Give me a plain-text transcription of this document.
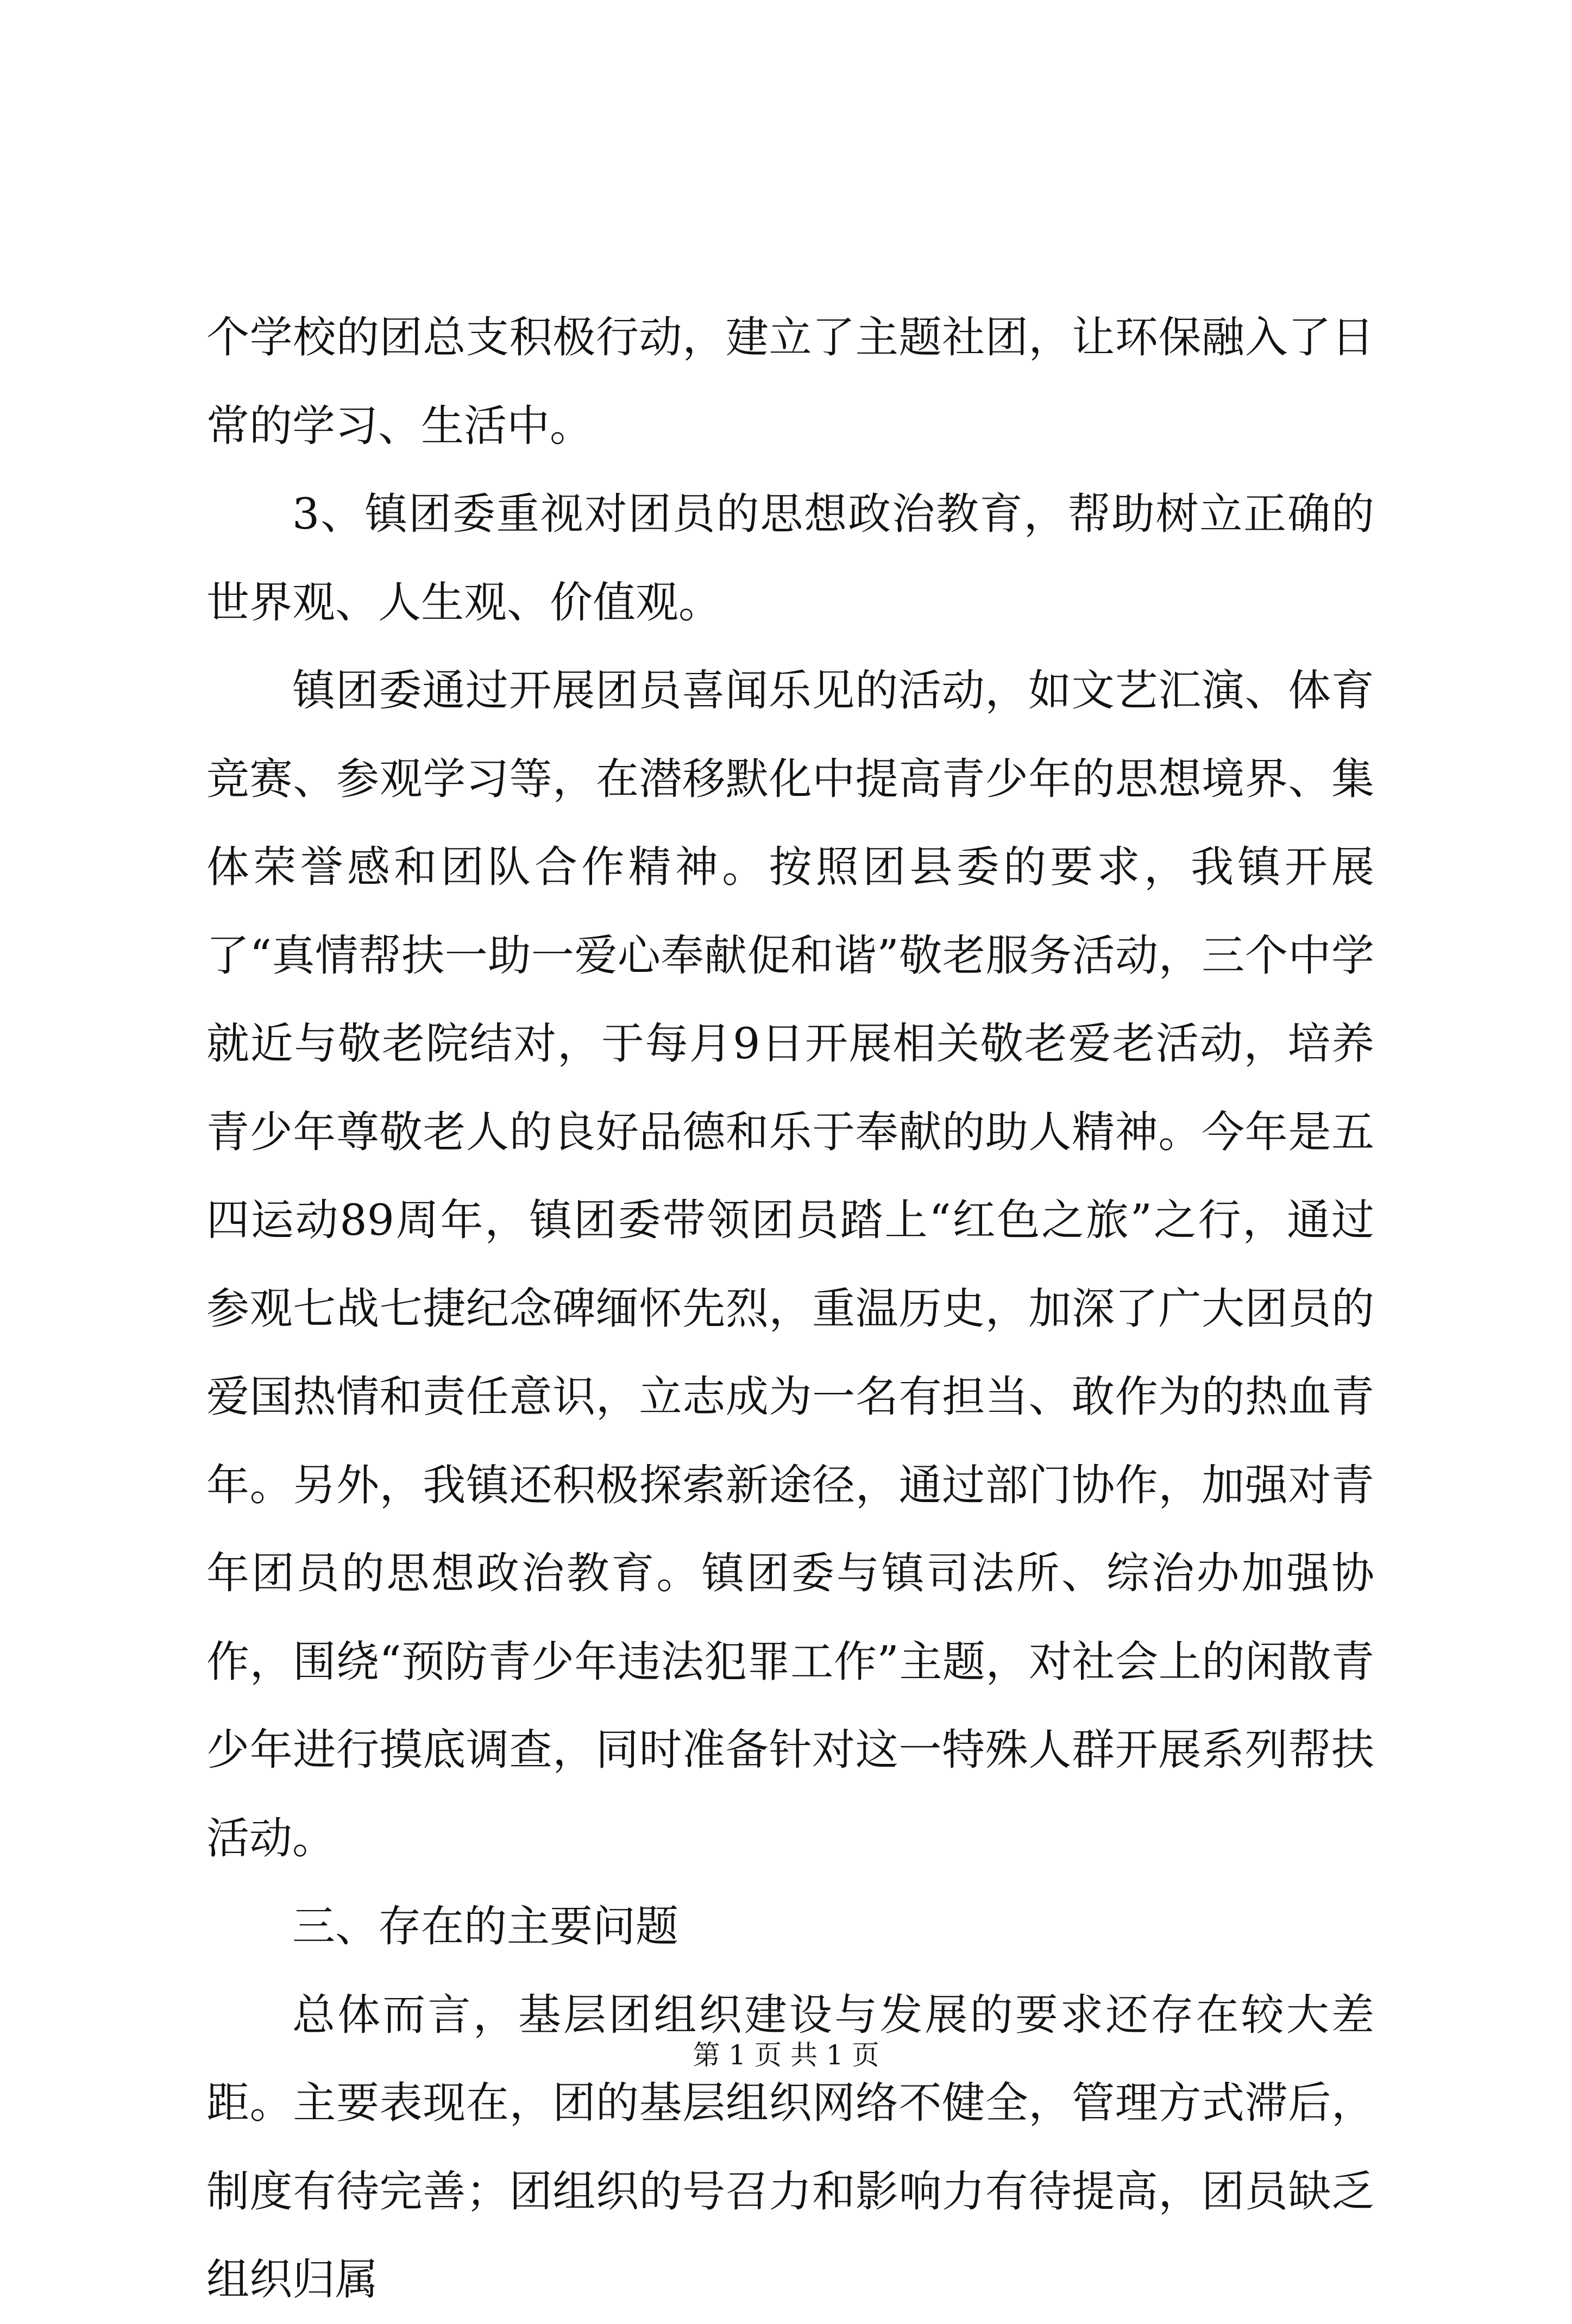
个学校的团总支积极行动，建立了主题社团，让环保融入了日常的学习、生活中。

3、镇团委重视对团员的思想政治教育，帮助树立正确的世界观、人生观、价值观。

镇团委通过开展团员喜闻乐见的活动，如文艺汇演、体育竞赛、参观学习等，在潜移默化中提高青少年的思想境界、集体荣誉感和团队合作精神。按照团县委的要求，我镇开展了“真情帮扶一助一爱心奉献促和谐”敬老服务活动，三个中学就近与敬老院结对，于每月9日开展相关敬老爱老活动，培养青少年尊敬老人的良好品德和乐于奉献的助人精神。今年是五四运动89周年，镇团委带领团员踏上“红色之旅”之行，通过参观七战七捷纪念碑缅怀先烈，重温历史，加深了广大团员的爱国热情和责任意识，立志成为一名有担当、敢作为的热血青年。另外，我镇还积极探索新途径，通过部门协作，加强对青年团员的思想政治教育。镇团委与镇司法所、综治办加强协作，围绕“预防青少年违法犯罪工作”主题，对社会上的闲散青少年进行摸底调查，同时准备针对这一特殊人群开展系列帮扶活动。

三、存在的主要问题

总体而言，基层团组织建设与发展的要求还存在较大差距。主要表现在，团的基层组织网络不健全，管理方式滞后，制度有待完善；团组织的号召力和影响力有待提高，团员缺乏组织归属

第 1 页 共 1 页
